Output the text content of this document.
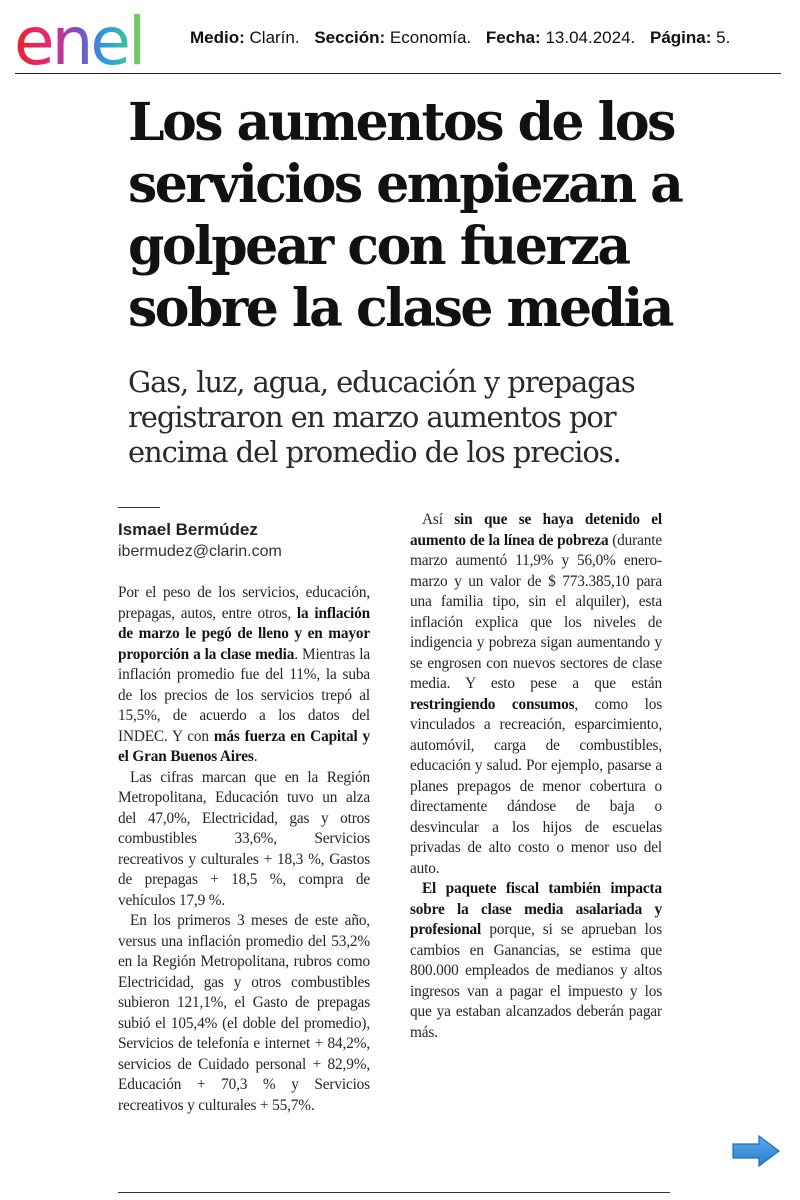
enel	Medio: Clarín. Sección: Economía. Fecha: 13.04.2024. Página: 5.
Los aumentos de los servicios empiezan a golpear con fuerza sobre la clase media
Gas, luz, agua, educación y prepagas registraron en marzo aumentos por encima del promedio de los precios.
Ismael Bermúdez
ibermudez@clarin.com

Por el peso de los servicios, educación, prepagas, autos, entre otros, la inflación de marzo le pegó de lleno y en mayor proporción a la clase media. Mientras la inflación promedio fue del 11%, la suba de los precios de los servicios trepó al 15,5%, de acuerdo a los datos del INDEC. Y con más fuerza en Capital y el Gran Buenos Aires.

Las cifras marcan que en la Región Metropolitana, Educación tuvo un alza del 47,0%, Electricidad, gas y otros combustibles 33,6%, Servicios recreativos y culturales + 18,3 %, Gastos de prepagas + 18,5 %, compra de vehículos 17,9 %.

En los primeros 3 meses de este año, versus una inflación promedio del 53,2% en la Región Metropolitana, rubros como Electricidad, gas y otros combustibles subieron 121,1%, el Gasto de prepagas subió el 105,4% (el doble del promedio), Servicios de telefonía e internet + 84,2%, servicios de Cuidado personal + 82,9%, Educación + 70,3 % y Servicios recreativos y culturales + 55,7%.

Así sin que se haya detenido el aumento de la línea de pobreza (durante marzo aumentó 11,9% y 56,0% enero-marzo y un valor de $ 773.385,10 para una familia tipo, sin el alquiler), esta inflación explica que los niveles de indigencia y pobreza sigan aumentando y se engrosen con nuevos sectores de clase media. Y esto pese a que están restringiendo consumos, como los vinculados a recreación, esparcimiento, automóvil, carga de combustibles, educación y salud. Por ejemplo, pasarse a planes prepagos de menor cobertura o directamente dándose de baja o desvincular a los hijos de escuelas privadas de alto costo o menor uso del auto.

El paquete fiscal también impacta sobre la clase media asalariada y profesional porque, si se aprueban los cambios en Ganancias, se estima que 800.000 empleados de medianos y altos ingresos van a pagar el impuesto y los que ya estaban alcanzados deberán pagar más.
